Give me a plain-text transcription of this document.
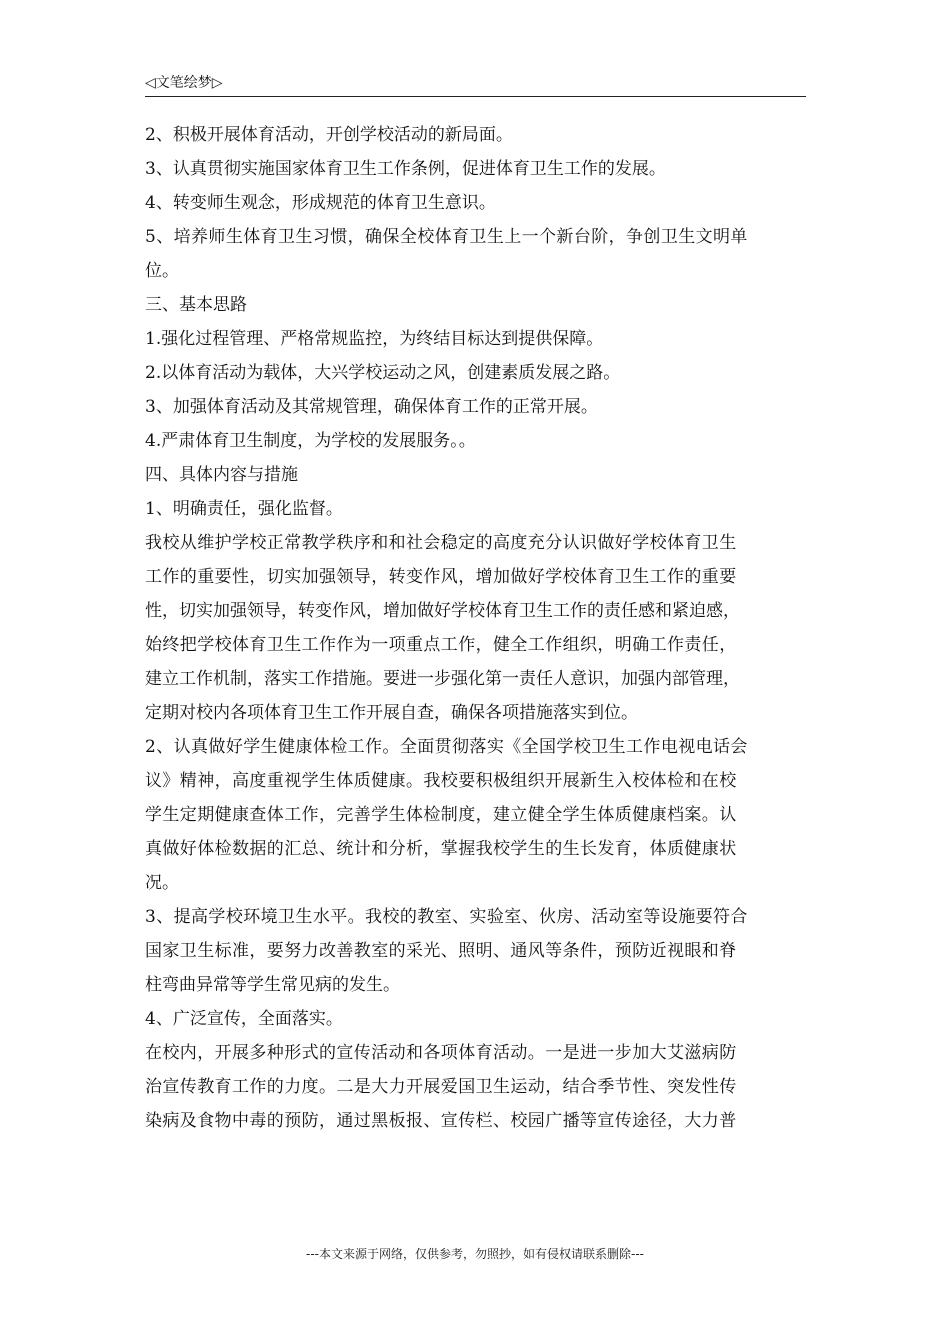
◁文笔绘梦▷
2、积极开展体育活动，开创学校活动的新局面。
3、认真贯彻实施国家体育卫生工作条例，促进体育卫生工作的发展。
4、转变师生观念，形成规范的体育卫生意识。
5、培养师生体育卫生习惯，确保全校体育卫生上一个新台阶，争创卫生文明单
位。
三、基本思路
1.强化过程管理、严格常规监控，为终结目标达到提供保障。
2.以体育活动为载体，大兴学校运动之风，创建素质发展之路。
3、加强体育活动及其常规管理，确保体育工作的正常开展。
4.严肃体育卫生制度，为学校的发展服务。。
四、具体内容与措施
1、明确责任，强化监督。
我校从维护学校正常教学秩序和和社会稳定的高度充分认识做好学校体育卫生
工作的重要性，切实加强领导，转变作风，增加做好学校体育卫生工作的重要
性，切实加强领导，转变作风，增加做好学校体育卫生工作的责任感和紧迫感，
始终把学校体育卫生工作作为一项重点工作，健全工作组织，明确工作责任，
建立工作机制，落实工作措施。要进一步强化第一责任人意识，加强内部管理，
定期对校内各项体育卫生工作开展自查，确保各项措施落实到位。
2、认真做好学生健康体检工作。全面贯彻落实《全国学校卫生工作电视电话会
议》精神，高度重视学生体质健康。我校要积极组织开展新生入校体检和在校
学生定期健康查体工作，完善学生体检制度，建立健全学生体质健康档案。认
真做好体检数据的汇总、统计和分析，掌握我校学生的生长发育，体质健康状
况。
3、提高学校环境卫生水平。我校的教室、实验室、伙房、活动室等设施要符合
国家卫生标准，要努力改善教室的采光、照明、通风等条件，预防近视眼和脊
柱弯曲异常等学生常见病的发生。
4、广泛宣传，全面落实。
在校内，开展多种形式的宣传活动和各项体育活动。一是进一步加大艾滋病防
治宣传教育工作的力度。二是大力开展爱国卫生运动，结合季节性、突发性传
染病及食物中毒的预防，通过黑板报、宣传栏、校园广播等宣传途径，大力普
---本文来源于网络，仅供参考，勿照抄，如有侵权请联系删除---
